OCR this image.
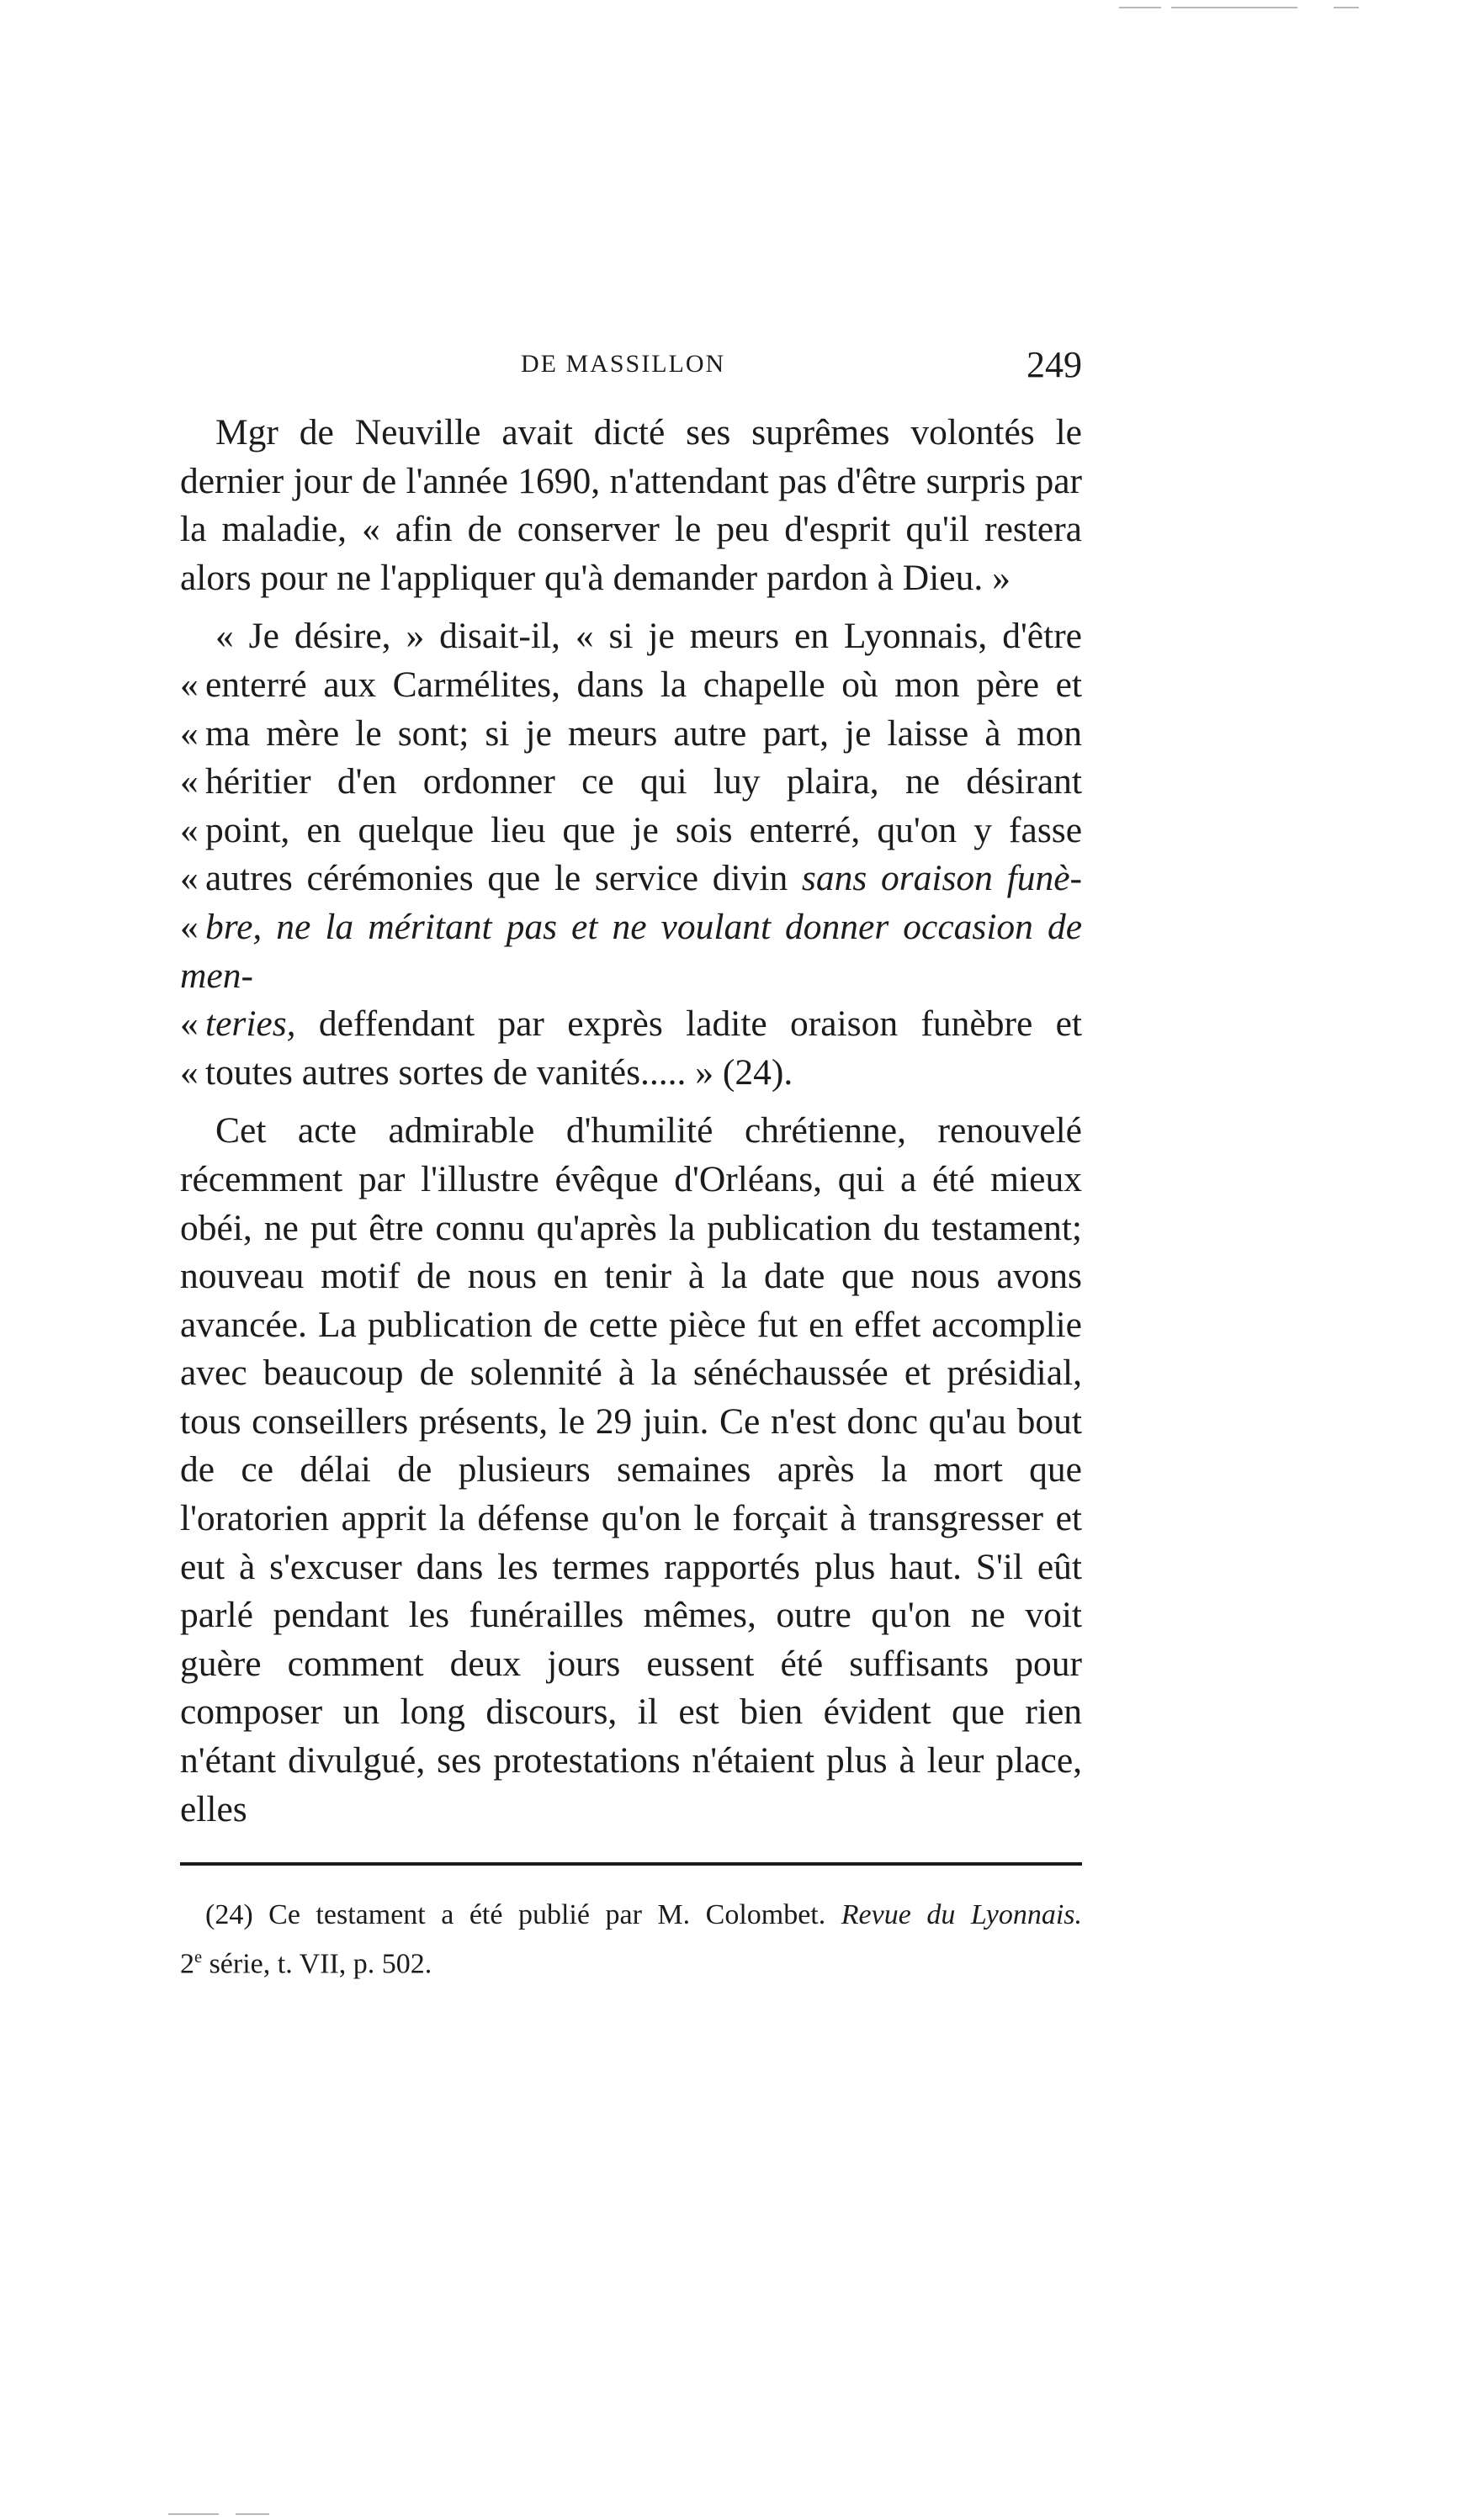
DE MASSILLON	249

Mgr de Neuville avait dicté ses suprêmes volontés le dernier jour de l'année 1690, n'attendant pas d'être surpris par la maladie, « afin de conserver le peu d'esprit qu'il restera alors pour ne l'appliquer qu'à demander pardon à Dieu. »

« Je désire, » disait-il, « si je meurs en Lyonnais, d'être
« enterré aux Carmélites, dans la chapelle où mon père et
« ma mère le sont; si je meurs autre part, je laisse à mon
« héritier d'en ordonner ce qui luy plaira, ne désirant
« point, en quelque lieu que je sois enterré, qu'on y fasse
« autres cérémonies que le service divin sans oraison funè-
« bre, ne la méritant pas et ne voulant donner occasion de men-
« teries, deffendant par exprès ladite oraison funèbre et
« toutes autres sortes de vanités..... » (24).

Cet acte admirable d'humilité chrétienne, renouvelé récemment par l'illustre évêque d'Orléans, qui a été mieux obéi, ne put être connu qu'après la publication du testament; nouveau motif de nous en tenir à la date que nous avons avancée. La publication de cette pièce fut en effet accomplie avec beaucoup de solennité à la sénéchaussée et présidial, tous conseillers présents, le 29 juin. Ce n'est donc qu'au bout de ce délai de plusieurs semaines après la mort que l'oratorien apprit la défense qu'on le forçait à transgresser et eut à s'excuser dans les termes rapportés plus haut. S'il eût parlé pendant les funérailles mêmes, outre qu'on ne voit guère comment deux jours eussent été suffisants pour composer un long discours, il est bien évident que rien n'étant divulgué, ses protestations n'étaient plus à leur place, elles

(24) Ce testament a été publié par M. Colombet. Revue du Lyonnais.
2e série, t. VII, p. 502.
